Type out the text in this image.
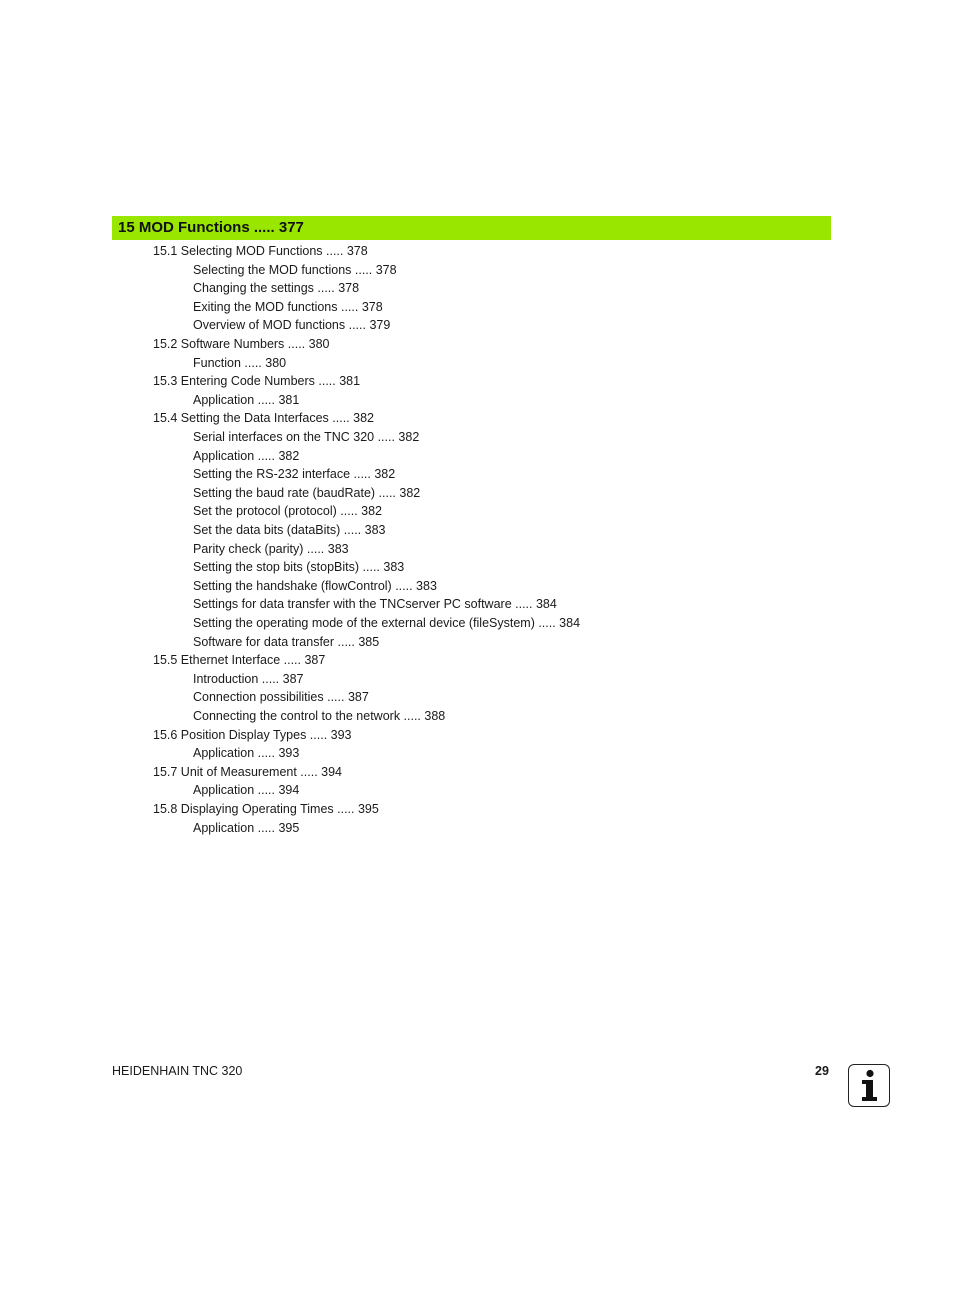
15 MOD Functions ..... 377
15.1 Selecting MOD Functions ..... 378
Selecting the MOD functions ..... 378
Changing the settings ..... 378
Exiting the MOD functions ..... 378
Overview of MOD functions ..... 379
15.2 Software Numbers ..... 380
Function ..... 380
15.3 Entering Code Numbers ..... 381
Application ..... 381
15.4 Setting the Data Interfaces ..... 382
Serial interfaces on the TNC 320 ..... 382
Application ..... 382
Setting the RS-232 interface ..... 382
Setting the baud rate (baudRate) ..... 382
Set the protocol (protocol) ..... 382
Set the data bits (dataBits) ..... 383
Parity check (parity) ..... 383
Setting the stop bits (stopBits) ..... 383
Setting the handshake (flowControl) ..... 383
Settings for data transfer with the TNCserver PC software ..... 384
Setting the operating mode of the external device (fileSystem) ..... 384
Software for data transfer ..... 385
15.5 Ethernet Interface ..... 387
Introduction ..... 387
Connection possibilities ..... 387
Connecting the control to the network ..... 388
15.6 Position Display Types ..... 393
Application ..... 393
15.7 Unit of Measurement ..... 394
Application ..... 394
15.8 Displaying Operating Times ..... 395
Application ..... 395
HEIDENHAIN TNC 320	29
